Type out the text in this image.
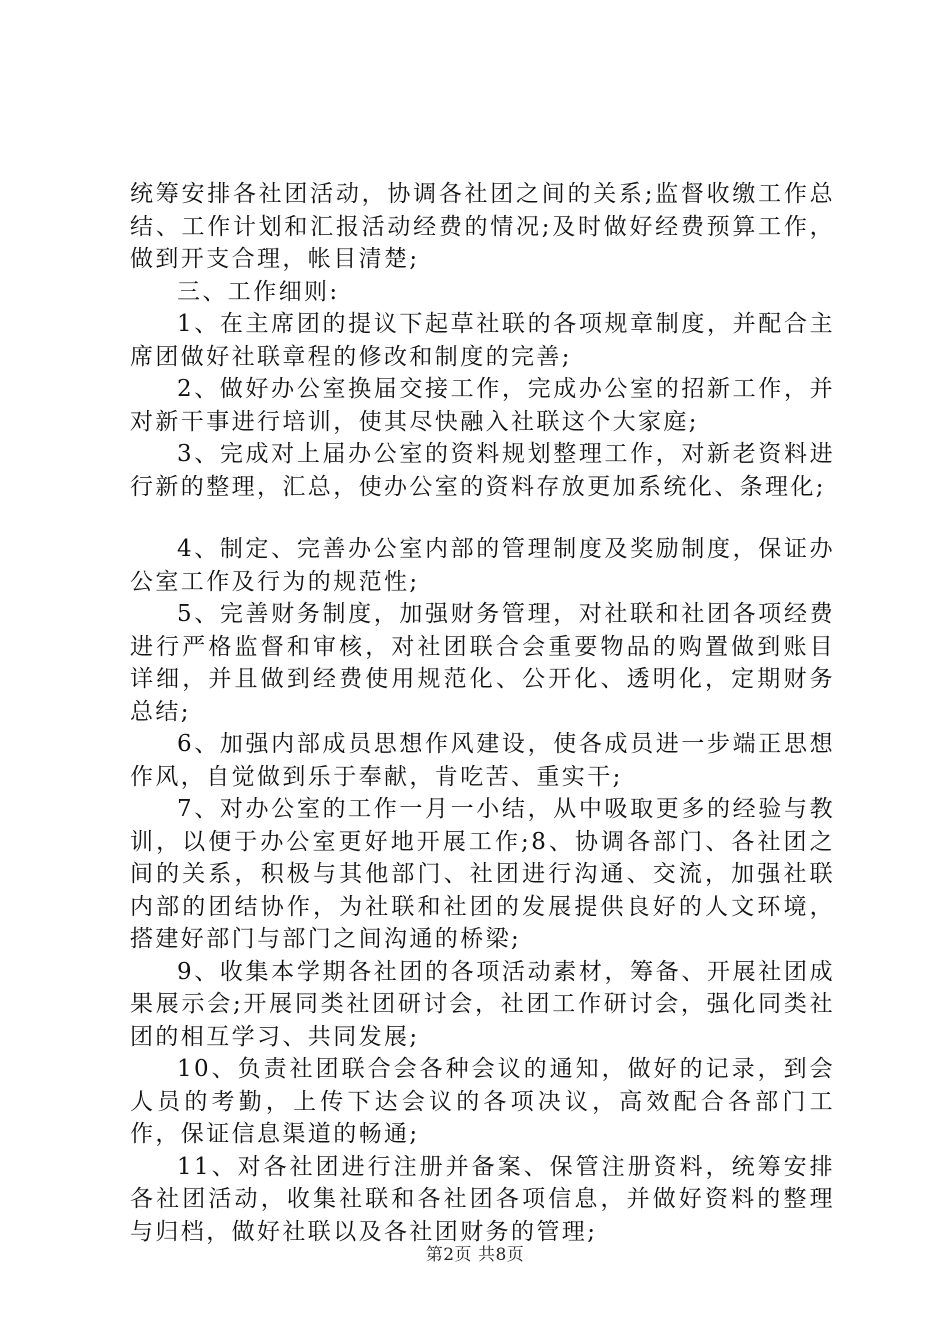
统筹安排各社团活动，协调各社团之间的关系;监督收缴工作总结、工作计划和汇报活动经费的情况;及时做好经费预算工作，做到开支合理，帐目清楚;

三、工作细则:

1、在主席团的提议下起草社联的各项规章制度，并配合主席团做好社联章程的修改和制度的完善;

2、做好办公室换届交接工作，完成办公室的招新工作，并对新干事进行培训，使其尽快融入社联这个大家庭;

3、完成对上届办公室的资料规划整理工作，对新老资料进行新的整理，汇总，使办公室的资料存放更加系统化、条理化;

4、制定、完善办公室内部的管理制度及奖励制度，保证办公室工作及行为的规范性;

5、完善财务制度，加强财务管理，对社联和社团各项经费进行严格监督和审核，对社团联合会重要物品的购置做到账目详细，并且做到经费使用规范化、公开化、透明化，定期财务总结;

6、加强内部成员思想作风建设，使各成员进一步端正思想作风，自觉做到乐于奉献，肯吃苦、重实干;

7、对办公室的工作一月一小结，从中吸取更多的经验与教训，以便于办公室更好地开展工作;8、协调各部门、各社团之间的关系，积极与其他部门、社团进行沟通、交流，加强社联内部的团结协作，为社联和社团的发展提供良好的人文环境，搭建好部门与部门之间沟通的桥梁;

9、收集本学期各社团的各项活动素材，筹备、开展社团成果展示会;开展同类社团研讨会，社团工作研讨会，强化同类社团的相互学习、共同发展;

10、负责社团联合会各种会议的通知，做好的记录，到会人员的考勤，上传下达会议的各项决议，高效配合各部门工作，保证信息渠道的畅通;

11、对各社团进行注册并备案、保管注册资料，统筹安排各社团活动，收集社联和各社团各项信息，并做好资料的整理与归档，做好社联以及各社团财务的管理;

第2页 共8页
